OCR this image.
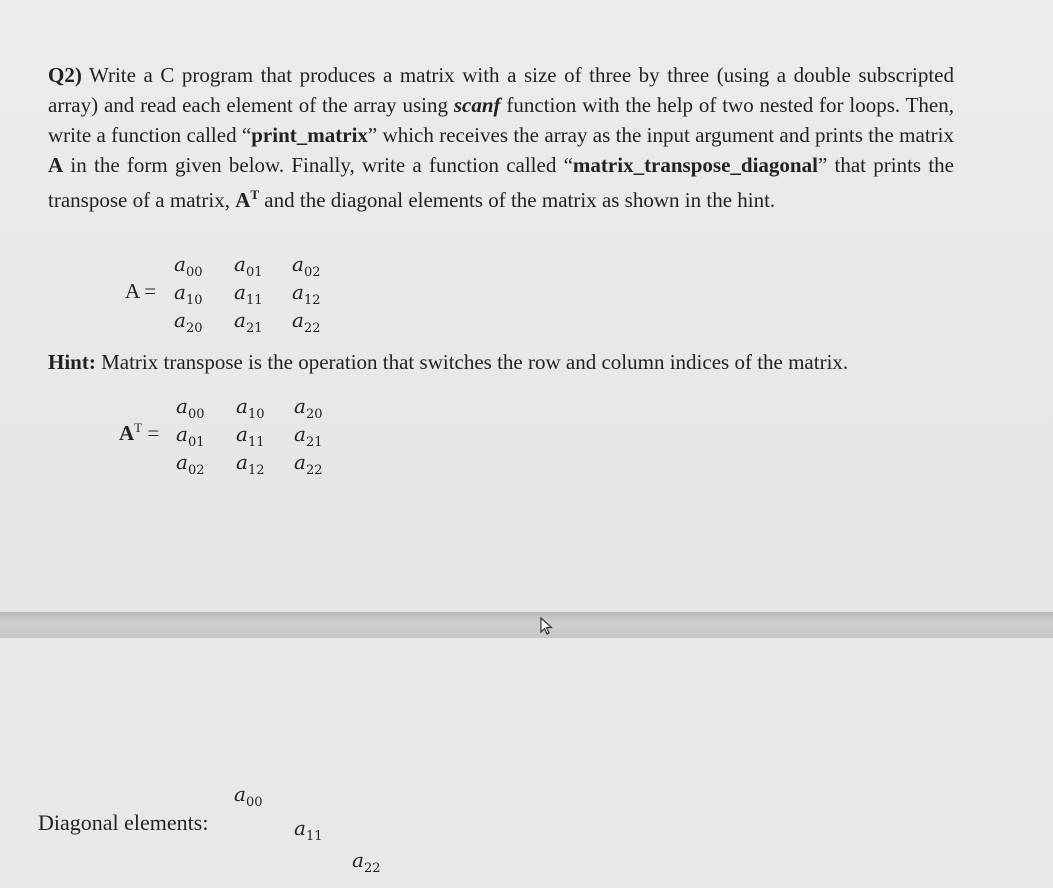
Q2) Write a C program that produces a matrix with a size of three by three (using a double subscripted array) and read each element of the array using scanf function with the help of two nested for loops. Then, write a function called “print_matrix” which receives the array as the input argument and prints the matrix A in the form given below. Finally, write a function called “matrix_transpose_diagonal” that prints the transpose of a matrix, $A^T$ and the diagonal elements of the matrix as shown in the hint.

A =
$a_{00}$ $a_{01}$ $a_{02}$
$a_{10}$ $a_{11}$ $a_{12}$
$a_{20}$ $a_{21}$ $a_{22}$

Hint: Matrix transpose is the operation that switches the row and column indices of the matrix.

$A^T$ =
$a_{00}$ $a_{10}$ $a_{20}$
$a_{01}$ $a_{11}$ $a_{21}$
$a_{02}$ $a_{12}$ $a_{22}$
Diagonal elements:
$a_{00}$
$a_{11}$
$a_{22}$
